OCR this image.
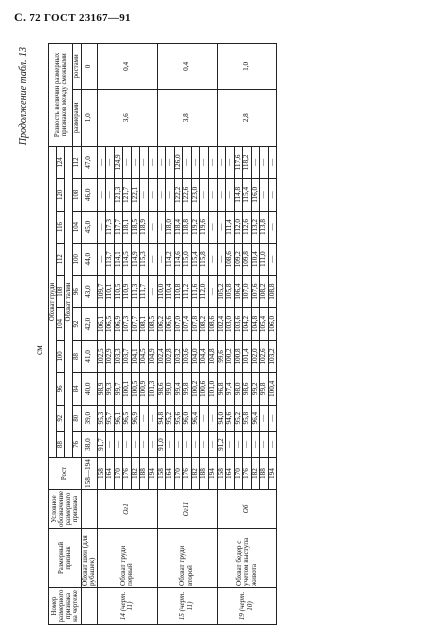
С. 72 ГОСТ 23167—91
Продолжение табл. 13
см
Номер размерного признака на чертеже	Размерный признак	Условное обозначение размерного признака	Рост	Обхват груди										Разность величин размерных признаков между смежными	
				88	92	96	100	104	108	112	116	120	124		
				Обхват талии											
				76	80	84	88	92	96	100	104	108	112	размерами	ростами
	Обхват шеи (для рубашек)		158—194	38,0	39,0	40,0	41,0	42,0	43,0	44,0	45,0	46,0	47,0	1,0	0
14 (черт. 11)	Обхват груди первый	Ог1	158	91,7	95,3	98,9	102,5	106,1	109,7	—	—	—	—	3,6	0,4
			164	—	95,7	99,3	102,9	106,5	110,1	113,7	117,3	—	—		
			170	—	96,1	99,7	103,3	106,9	110,5	114,1	117,7	121,3	124,9		
			176	—	96,5	100,1	103,7	107,3	110,9	114,5	118,1	121,7	—		
			182	—	96,9	100,5	104,1	107,7	111,3	114,9	118,5	122,1	—		
			188	—	—	100,9	104,5	108,1	111,7	115,3	118,9	—	—		
			194	—	—	101,3	104,9	108,5	—	—	—	—	—		
15 (черт. 11)	Обхват груди второй	Ог11	158	91,0	94,8	98,6	102,4	106,2	110,0	—	—	—	—	3,8	0,4
			164	—	95,2	99,0	102,8	106,6	110,4	114,2	118,0	—	—		
			170	—	95,6	99,4	103,2	107,0	110,8	114,6	118,4	122,2	126,0		
			176	—	96,0	99,8	103,6	107,4	111,2	115,0	118,8	122,6	—		
			182	—	96,4	100,2	104,0	107,8	111,6	115,4	119,2	123,0	—		
			188	—	—	100,6	104,4	108,2	112,0	115,8	119,6	—	—		
			194	—	—	101,0	104,8	108,6	—	—	—	—	—		
19 (черт. 10)	Обхват бедер с учетом выступа живота	Об	158	91,2	94,0	96,8	99,6	102,4	105,2	—	—	—	—	2,8	1,0
			164	—	94,6	97,4	100,2	103,0	105,8	108,6	111,4	—	—		
			170	—	95,2	98,0	100,8	103,6	106,4	109,2	112,0	114,8	117,6		
			176	—	95,8	98,6	101,4	104,2	107,0	109,8	112,6	115,4	118,2		
			182	—	96,4	99,2	102,0	104,8	107,6	110,4	113,2	116,0	—		
			188	—	—	99,8	102,6	105,4	108,2	111,0	113,8	—	—		
			194	—	—	100,4	103,2	106,0	108,8	—	—	—	—		
